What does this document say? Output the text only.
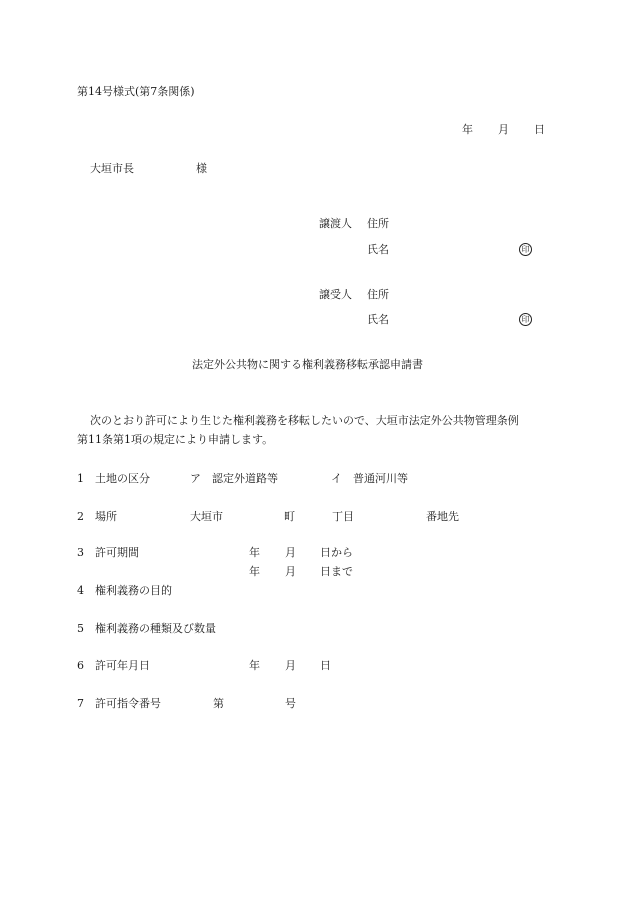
第14号様式(第7条関係)
年 月 日
大垣市長	様
譲渡人 住所
氏名	印
譲受人 住所
氏名	印
法定外公共物に関する権利義務移転承認申請書
次のとおり許可により生じた権利義務を移転したいので、大垣市法定外公共物管理条例
第11条第1項の規定により申請します。
1 土地の区分	ア　認定外道路等	イ　普通河川等
2 場所	大垣市	町	丁目	番地先
3 許可期間	年 月 日から
年 月 日まで
4 権利義務の目的
5 権利義務の種類及び数量
6 許可年月日	年 月 日
7 許可指令番号	第	号
